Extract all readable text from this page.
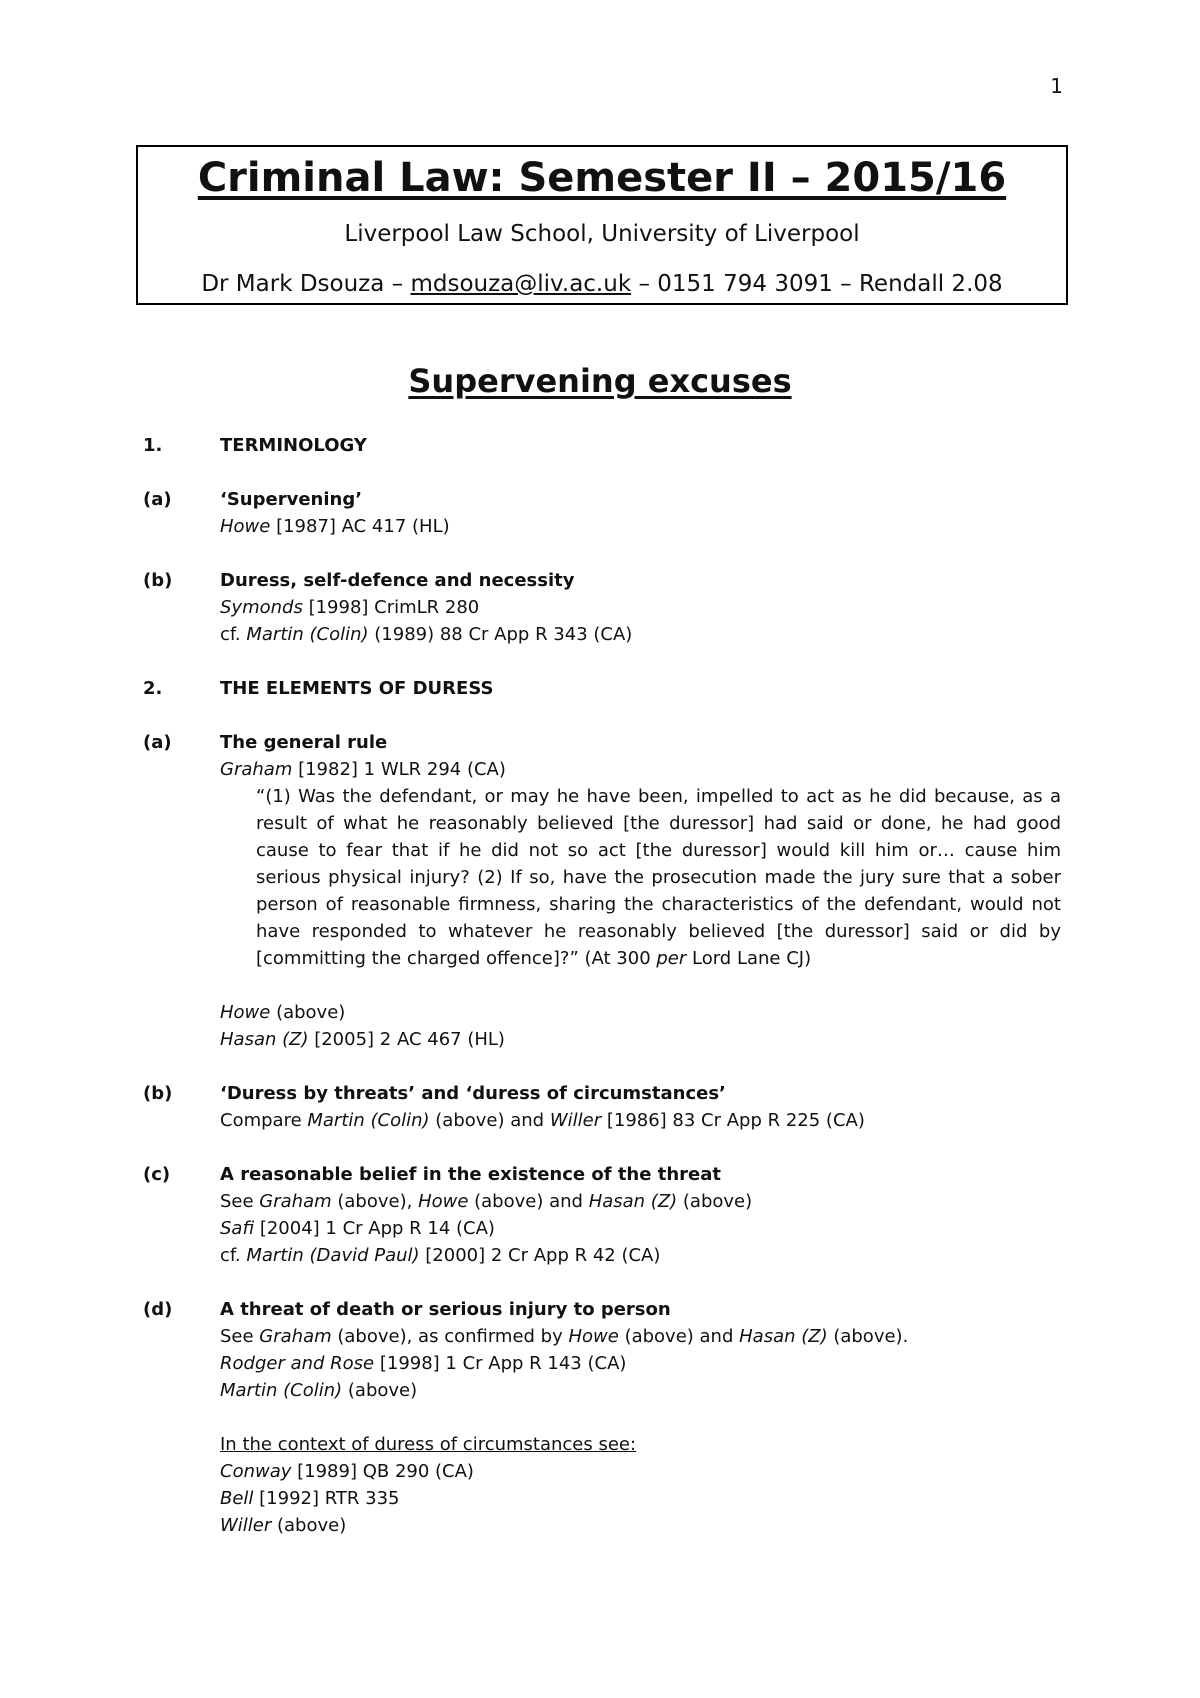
1
Criminal Law: Semester II – 2015/16
Liverpool Law School, University of Liverpool
Dr Mark Dsouza – mdsouza@liv.ac.uk – 0151 794 3091 – Rendall 2.08
Supervening excuses
1.	TERMINOLOGY
(a)	‘Supervening’
Howe [1987] AC 417 (HL)
(b)	Duress, self-defence and necessity
Symonds [1998] CrimLR 280
cf. Martin (Colin) (1989) 88 Cr App R 343 (CA)
2.	THE ELEMENTS OF DURESS
(a)	The general rule
Graham [1982] 1 WLR 294 (CA)
“(1) Was the defendant, or may he have been, impelled to act as he did because, as a result of what he reasonably believed [the duressor] had said or done, he had good cause to fear that if he did not so act [the duressor] would kill him or… cause him serious physical injury? (2) If so, have the prosecution made the jury sure that a sober person of reasonable firmness, sharing the characteristics of the defendant, would not have responded to whatever he reasonably believed [the duressor] said or did by [committing the charged offence]?” (At 300 per Lord Lane CJ)
Howe (above)
Hasan (Z) [2005] 2 AC 467 (HL)
(b)	‘Duress by threats’ and ‘duress of circumstances’
Compare Martin (Colin) (above) and Willer [1986] 83 Cr App R 225 (CA)
(c)	A reasonable belief in the existence of the threat
See Graham (above), Howe (above) and Hasan (Z) (above)
Safi [2004] 1 Cr App R 14 (CA)
cf. Martin (David Paul) [2000] 2 Cr App R 42 (CA)
(d)	A threat of death or serious injury to person
See Graham (above), as confirmed by Howe (above) and Hasan (Z) (above).
Rodger and Rose [1998] 1 Cr App R 143 (CA)
Martin (Colin) (above)
In the context of duress of circumstances see:
Conway [1989] QB 290 (CA)
Bell [1992] RTR 335
Willer (above)
